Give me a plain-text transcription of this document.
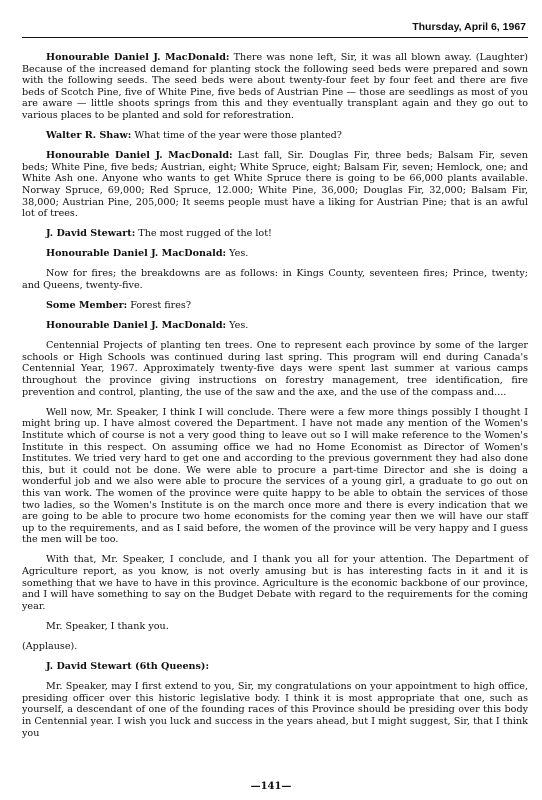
Thursday, April 6, 1967

Honourable Daniel J. MacDonald: There was none left, Sir, it was all blown away. (Laughter) Because of the increased demand for planting stock the following seed beds were prepared and sown with the following seeds. The seed beds were about twenty-four feet by four feet and there are five beds of Scotch Pine, five of White Pine, five beds of Austrian Pine — those are seedlings as most of you are aware — little shoots springs from this and they eventually transplant again and they go out to various places to be planted and sold for reforestration.

Walter R. Shaw: What time of the year were those planted?

Honourable Daniel J. MacDonald: Last fall, Sir. Douglas Fir, three beds; Balsam Fir, seven beds; White Pine, five beds; Austrian, eight; White Spruce, eight; Balsam Fir, seven; Hemlock, one; and White Ash one. Anyone who wants to get White Spruce there is going to be 66,000 plants available. Norway Spruce, 69,000; Red Spruce, 12.000; White Pine, 36,000; Douglas Fir, 32,000; Balsam Fir, 38,000; Austrian Pine, 205,000; It seems people must have a liking for Austrian Pine; that is an awful lot of trees.

J. David Stewart: The most rugged of the lot!

Honourable Daniel J. MacDonald: Yes.

Now for fires; the breakdowns are as follows: in Kings County, seventeen fires; Prince, twenty; and Queens, twenty-five.

Some Member: Forest fires?

Honourable Daniel J. MacDonald: Yes.

Centennial Projects of planting ten trees. One to represent each province by some of the larger schools or High Schools was continued during last spring. This program will end during Canada's Centennial Year, 1967. Approximately twenty-five days were spent last summer at various camps throughout the province giving instructions on forestry management, tree identification, fire prevention and control, planting, the use of the saw and the axe, and the use of the compass and....

Well now, Mr. Speaker, I think I will conclude. There were a few more things possibly I thought I might bring up. I have almost covered the Department. I have not made any mention of the Women's Institute which of course is not a very good thing to leave out so I will make reference to the Women's Institute in this respect. On assuming office we had no Home Economist as Director of Women's Institutes. We tried very hard to get one and according to the previous government they had also done this, but it could not be done. We were able to procure a part-time Director and she is doing a wonderful job and we also were able to procure the services of a young girl, a graduate to go out on this van work. The women of the province were quite happy to be able to obtain the services of those two ladies, so the Women's Institute is on the march once more and there is every indication that we are going to be able to procure two home economists for the coming year then we will have our staff up to the requirements, and as I said before, the women of the province will be very happy and I guess the men will be too.

With that, Mr. Speaker, I conclude, and I thank you all for your attention. The Department of Agriculture report, as you know, is not overly amusing but is has interesting facts in it and it is something that we have to have in this province. Agriculture is the economic backbone of our province, and I will have something to say on the Budget Debate with regard to the requirements for the coming year.

Mr. Speaker, I thank you.

(Applause).

J. David Stewart (6th Queens):

Mr. Speaker, may I first extend to you, Sir, my congratulations on your appointment to high office, presiding officer over this historic legislative body. I think it is most appropriate that one, such as yourself, a descendant of one of the founding races of this Province should be presiding over this body in Centennial year. I wish you luck and success in the years ahead, but I might suggest, Sir, that I think you

—141—
